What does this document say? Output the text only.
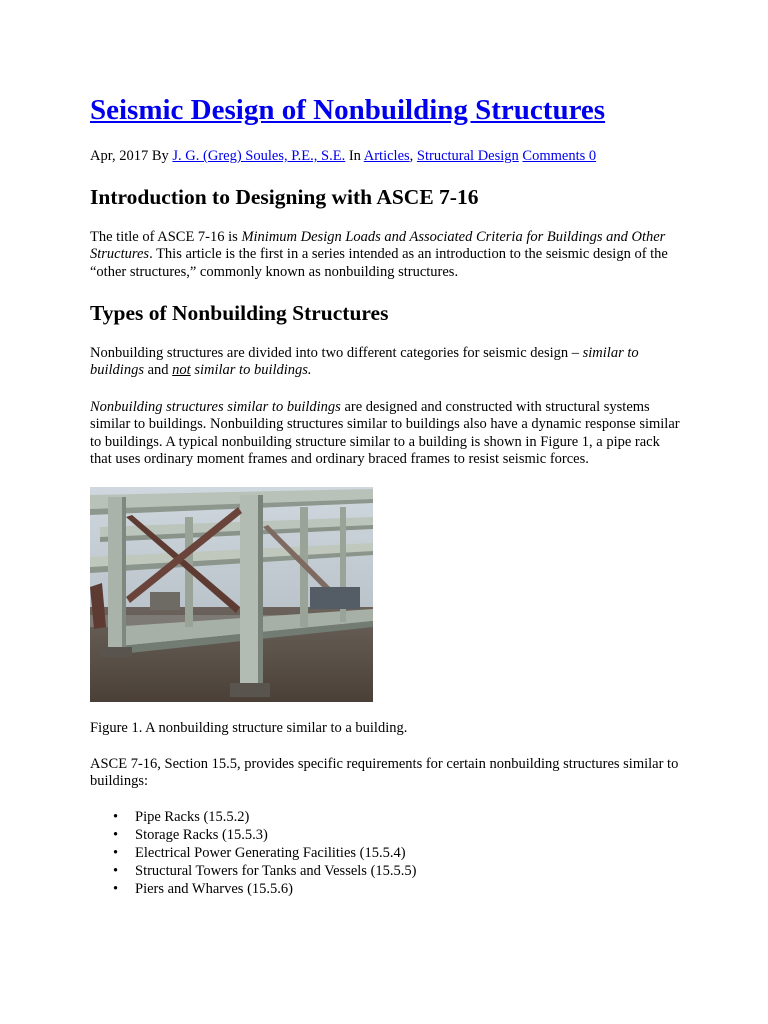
Seismic Design of Nonbuilding Structures
Apr, 2017 By J. G. (Greg) Soules, P.E., S.E. In Articles, Structural Design Comments 0
Introduction to Designing with ASCE 7-16

The title of ASCE 7-16 is Minimum Design Loads and Associated Criteria for Buildings and Other Structures. This article is the first in a series intended as an introduction to the seismic design of the “other structures,” commonly known as nonbuilding structures.

Types of Nonbuilding Structures

Nonbuilding structures are divided into two different categories for seismic design – similar to buildings and not similar to buildings.

Nonbuilding structures similar to buildings are designed and constructed with structural systems similar to buildings. Nonbuilding structures similar to buildings also have a dynamic response similar to buildings. A typical nonbuilding structure similar to a building is shown in Figure 1, a pipe rack that uses ordinary moment frames and ordinary braced frames to resist seismic forces.

Figure 1. A nonbuilding structure similar to a building.

ASCE 7-16, Section 15.5, provides specific requirements for certain nonbuilding structures similar to buildings:

• Pipe Racks (15.5.2)
• Storage Racks (15.5.3)
• Electrical Power Generating Facilities (15.5.4)
• Structural Towers for Tanks and Vessels (15.5.5)
• Piers and Wharves (15.5.6)
